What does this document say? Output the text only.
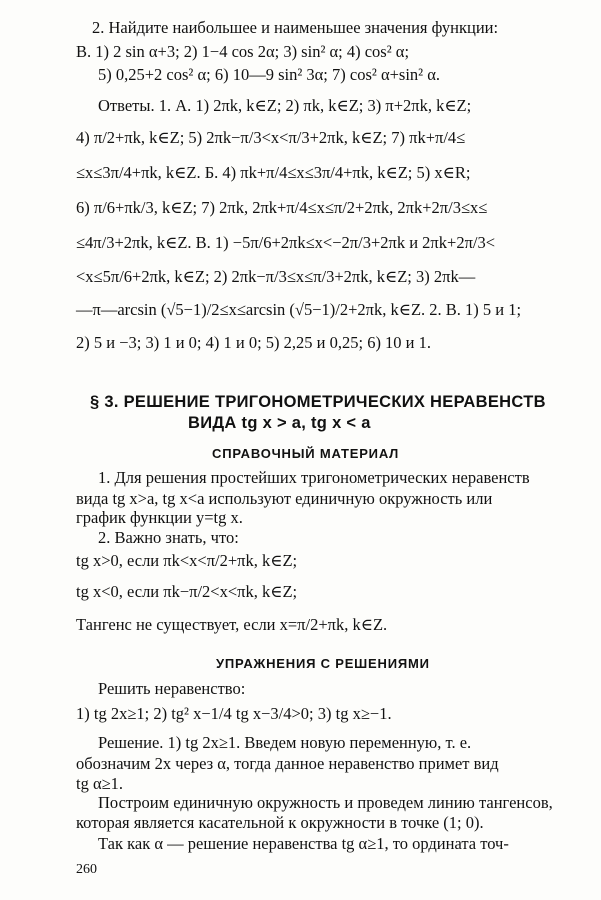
2. Найдите наибольшее и наименьшее значения функции:
В. 1) 2 sin α+3; 2) 1−4 cos 2α; 3) sin² α; 4) cos² α;
5) 0,25+2 cos² α; 6) 10—9 sin² 3α; 7) cos² α+sin² α.
Ответы. 1. А. 1) 2πk, k∈Z; 2) πk, k∈Z; 3) π+2πk, k∈Z;
4) π/2+πk, k∈Z; 5) 2πk−π/3<x<π/3+2πk, k∈Z; 7) πk+π/4≤
≤x≤3π/4+πk, k∈Z. Б. 4) πk+π/4≤x≤3π/4+πk, k∈Z; 5) x∈R;
6) π/6+πk/3, k∈Z; 7) 2πk, 2πk+π/4≤x≤π/2+2πk, 2πk+2π/3≤x≤
≤4π/3+2πk, k∈Z. В. 1) −5π/6+2πk≤x<−2π/3+2πk и 2πk+2π/3<
<x≤5π/6+2πk, k∈Z; 2) 2πk−π/3≤x≤π/3+2πk, k∈Z; 3) 2πk—
—π—arcsin (√5−1)/2≤x≤arcsin (√5−1)/2+2πk, k∈Z. 2. В. 1) 5 и 1;
2) 5 и −3; 3) 1 и 0; 4) 1 и 0; 5) 2,25 и 0,25; 6) 10 и 1.
§ 3. РЕШЕНИЕ ТРИГОНОМЕТРИЧЕСКИХ НЕРАВЕНСТВ
ВИДА tg x > a, tg x < a
СПРАВОЧНЫЙ МАТЕРИАЛ
1. Для решения простейших тригонометрических неравенств
вида tg x>a, tg x<a используют единичную окружность или
график функции y=tg x.
2. Важно знать, что:
tg x>0, если πk<x<π/2+πk, k∈Z;
tg x<0, если πk−π/2<x<πk, k∈Z;
Тангенс не существует, если x=π/2+πk, k∈Z.
УПРАЖНЕНИЯ С РЕШЕНИЯМИ
Решить неравенство:
1) tg 2x≥1; 2) tg² x−1/4 tg x−3/4>0; 3) tg x≥−1.
Решение. 1) tg 2x≥1. Введем новую переменную, т. е.
обозначим 2x через α, тогда данное неравенство примет вид
tg α≥1.
Построим единичную окружность и проведем линию тангенсов,
которая является касательной к окружности в точке (1; 0).
Так как α — решение неравенства tg α≥1, то ордината точ-
260
